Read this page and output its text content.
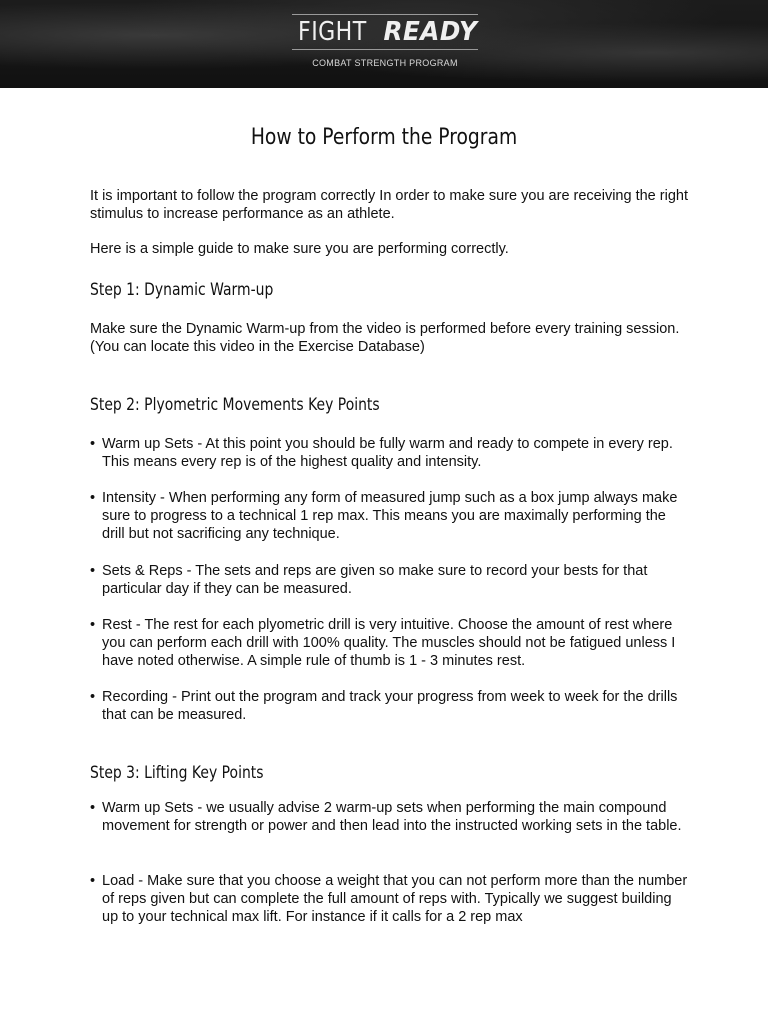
FIGHT READY
COMBAT STRENGTH PROGRAM
How to Perform the Program
It is important to follow the program correctly In order to make sure you are receiving the right stimulus to increase performance as an athlete.
Here is a simple guide to make sure you are performing correctly.
Step 1: Dynamic Warm-up
Make sure the Dynamic Warm-up from the video is performed before every training session. (You can locate this video in the Exercise Database)
Step 2: Plyometric Movements Key Points
• Warm up Sets - At this point you should be fully warm and ready to compete in every rep. This means every rep is of the highest quality and intensity.
• Intensity - When performing any form of measured jump such as a box jump always make sure to progress to a technical 1 rep max. This means you are maximally performing the drill but not sacrificing any technique.
• Sets & Reps - The sets and reps are given so make sure to record your bests for that particular day if they can be measured.
• Rest - The rest for each plyometric drill is very intuitive. Choose the amount of rest where you can perform each drill with 100% quality. The muscles should not be fatigued unless I have noted otherwise. A simple rule of thumb is 1 - 3 minutes rest.
• Recording - Print out the program and track your progress from week to week for the drills that can be measured.
Step 3: Lifting Key Points
• Warm up Sets - we usually advise 2 warm-up sets when performing the main compound movement for strength or power and then lead into the instructed working sets in the table.
• Load - Make sure that you choose a weight that you can not perform more than the number of reps given but can complete the full amount of reps with. Typically we suggest building up to your technical max lift. For instance if it calls for a 2 rep max
